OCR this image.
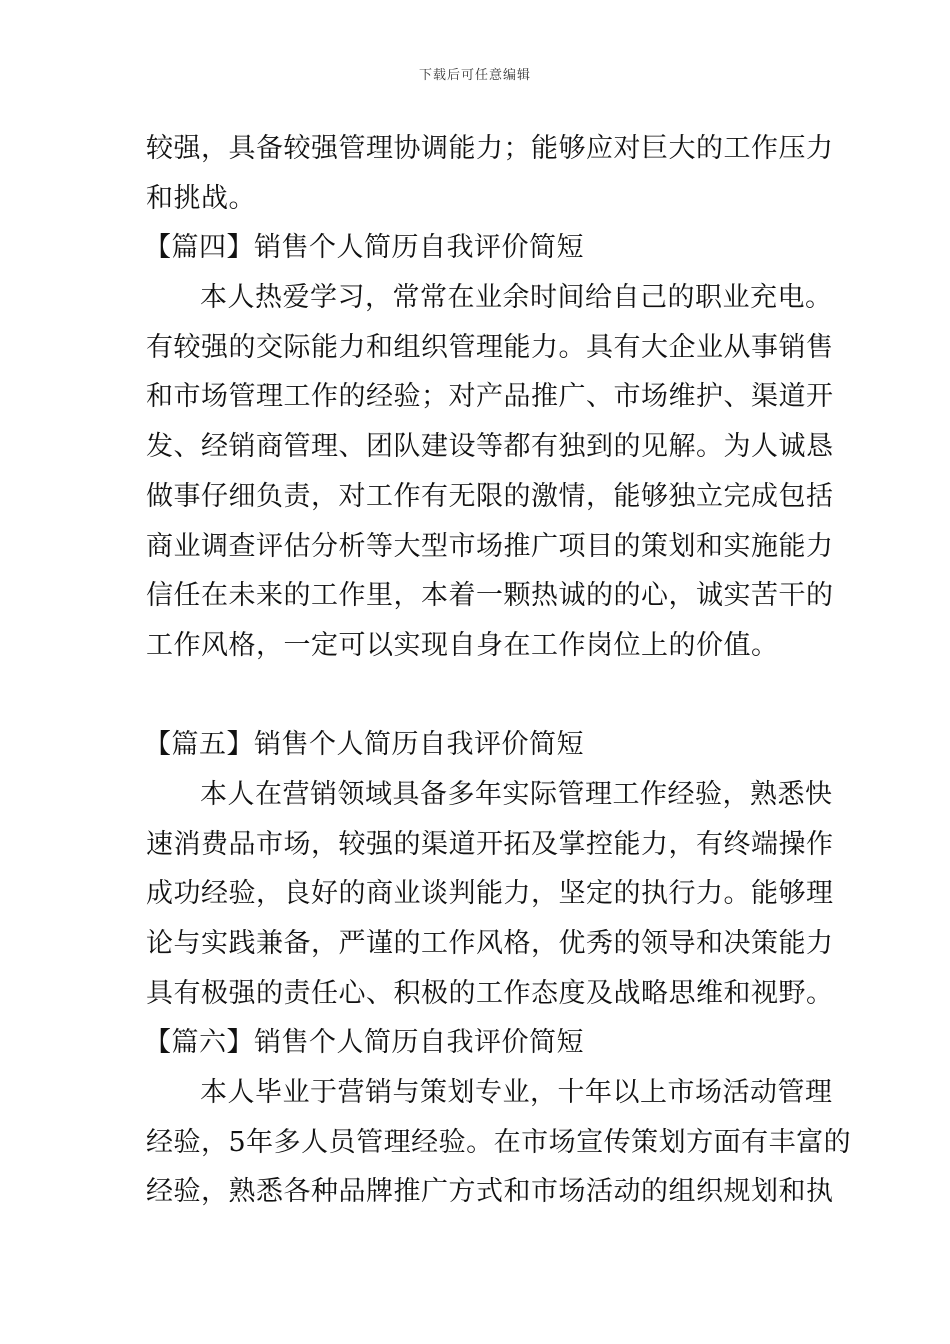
下载后可任意编辑
较强，具备较强管理协调能力；能够应对巨大的工作压力
和挑战。
【篇四】销售个人简历自我评价简短
本人热爱学习，常常在业余时间给自己的职业充电。
有较强的交际能力和组织管理能力。具有大企业从事销售
和市场管理工作的经验；对产品推广、市场维护、渠道开
发、经销商管理、团队建设等都有独到的见解。为人诚恳
做事仔细负责，对工作有无限的激情，能够独立完成包括
商业调查评估分析等大型市场推广项目的策划和实施能力
信任在未来的工作里，本着一颗热诚的的心，诚实苦干的
工作风格，一定可以实现自身在工作岗位上的价值。
【篇五】销售个人简历自我评价简短
本人在营销领域具备多年实际管理工作经验，熟悉快
速消费品市场，较强的渠道开拓及掌控能力，有终端操作
成功经验，良好的商业谈判能力，坚定的执行力。能够理
论与实践兼备，严谨的工作风格，优秀的领导和决策能力
具有极强的责任心、积极的工作态度及战略思维和视野。
【篇六】销售个人简历自我评价简短
本人毕业于营销与策划专业，十年以上市场活动管理
经验，5年多人员管理经验。在市场宣传策划方面有丰富的
经验，熟悉各种品牌推广方式和市场活动的组织规划和执
